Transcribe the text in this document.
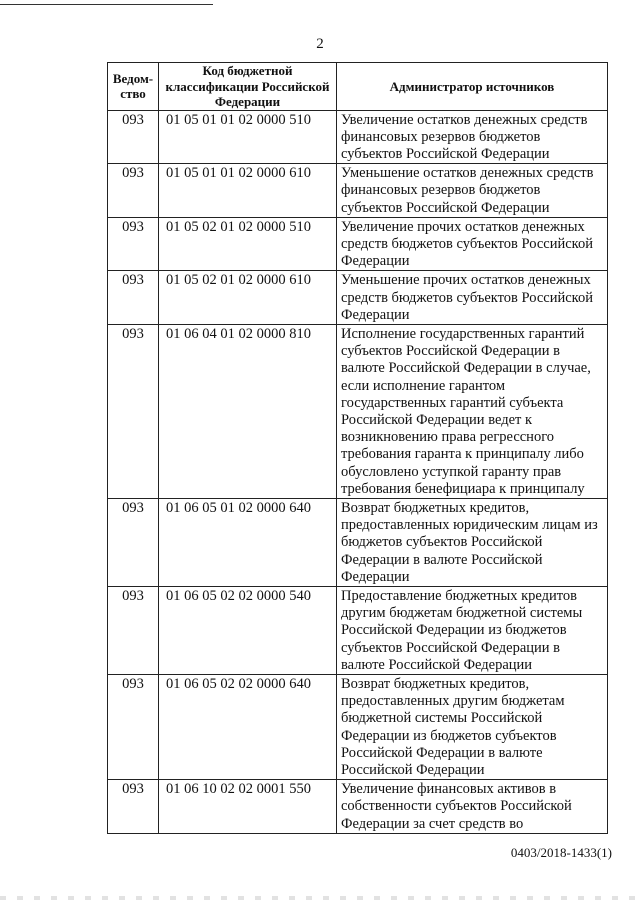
2
Ведом-ство	Код бюджетной классификации Российской Федерации	Администратор источников
093	01 05 01 01 02 0000 510	Увеличение остатков денежных средств финансовых резервов бюджетов субъектов Российской Федерации
093	01 05 01 01 02 0000 610	Уменьшение остатков денежных средств финансовых резервов бюджетов субъектов Российской Федерации
093	01 05 02 01 02 0000 510	Увеличение прочих остатков денежных средств бюджетов субъектов Российской Федерации
093	01 05 02 01 02 0000 610	Уменьшение прочих остатков денежных средств бюджетов субъектов Российской Федерации
093	01 06 04 01 02 0000 810	Исполнение государственных гарантий субъектов Российской Федерации в валюте Российской Федерации в случае, если исполнение гарантом государственных гарантий субъекта Российской Федерации ведет к возникновению права регрессного требования гаранта к принципалу либо обусловлено уступкой гаранту прав требования бенефициара к принципалу
093	01 06 05 01 02 0000 640	Возврат бюджетных кредитов, предоставленных юридическим лицам из бюджетов субъектов Российской Федерации в валюте Российской Федерации
093	01 06 05 02 02 0000 540	Предоставление бюджетных кредитов другим бюджетам бюджетной системы Российской Федерации из бюджетов субъектов Российской Федерации в валюте Российской Федерации
093	01 06 05 02 02 0000 640	Возврат бюджетных кредитов, предоставленных другим бюджетам бюджетной системы Российской Федерации из бюджетов субъектов Российской Федерации в валюте Российской Федерации
093	01 06 10 02 02 0001 550	Увеличение финансовых активов в собственности субъектов Российской Федерации за счет средств во
0403/2018-1433(1)
